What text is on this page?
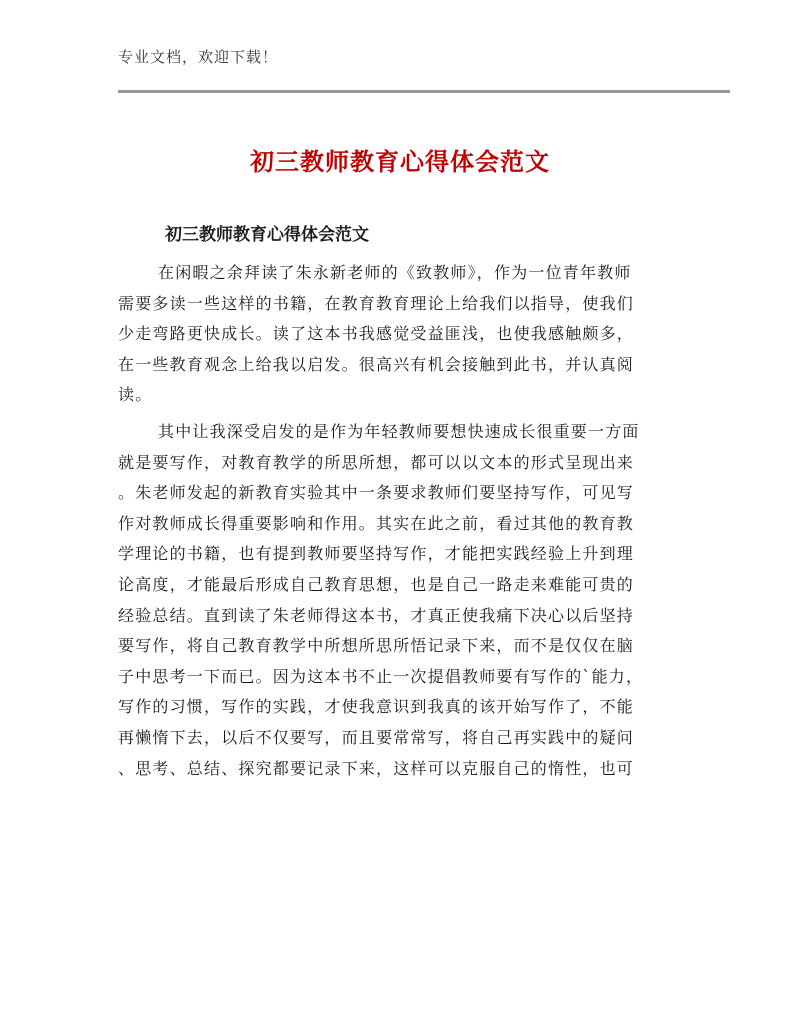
专业文档，欢迎下载！
初三教师教育心得体会范文
初三教师教育心得体会范文
在闲暇之余拜读了朱永新老师的《致教师》，作为一位青年教师
需要多读一些这样的书籍，在教育教育理论上给我们以指导，使我们
少走弯路更快成长。读了这本书我感觉受益匪浅，也使我感触颇多，
在一些教育观念上给我以启发。很高兴有机会接触到此书，并认真阅
读。
其中让我深受启发的是作为年轻教师要想快速成长很重要一方面
就是要写作，对教育教学的所思所想，都可以以文本的形式呈现出来
。朱老师发起的新教育实验其中一条要求教师们要坚持写作，可见写
作对教师成长得重要影响和作用。其实在此之前，看过其他的教育教
学理论的书籍，也有提到教师要坚持写作，才能把实践经验上升到理
论高度，才能最后形成自己教育思想，也是自己一路走来难能可贵的
经验总结。直到读了朱老师得这本书，才真正使我痛下决心以后坚持
要写作，将自己教育教学中所想所思所悟记录下来，而不是仅仅在脑
子中思考一下而已。因为这本书不止一次提倡教师要有写作的`能力，
写作的习惯，写作的实践，才使我意识到我真的该开始写作了，不能
再懒惰下去，以后不仅要写，而且要常常写，将自己再实践中的疑问
、思考、总结、探究都要记录下来，这样可以克服自己的惰性，也可
